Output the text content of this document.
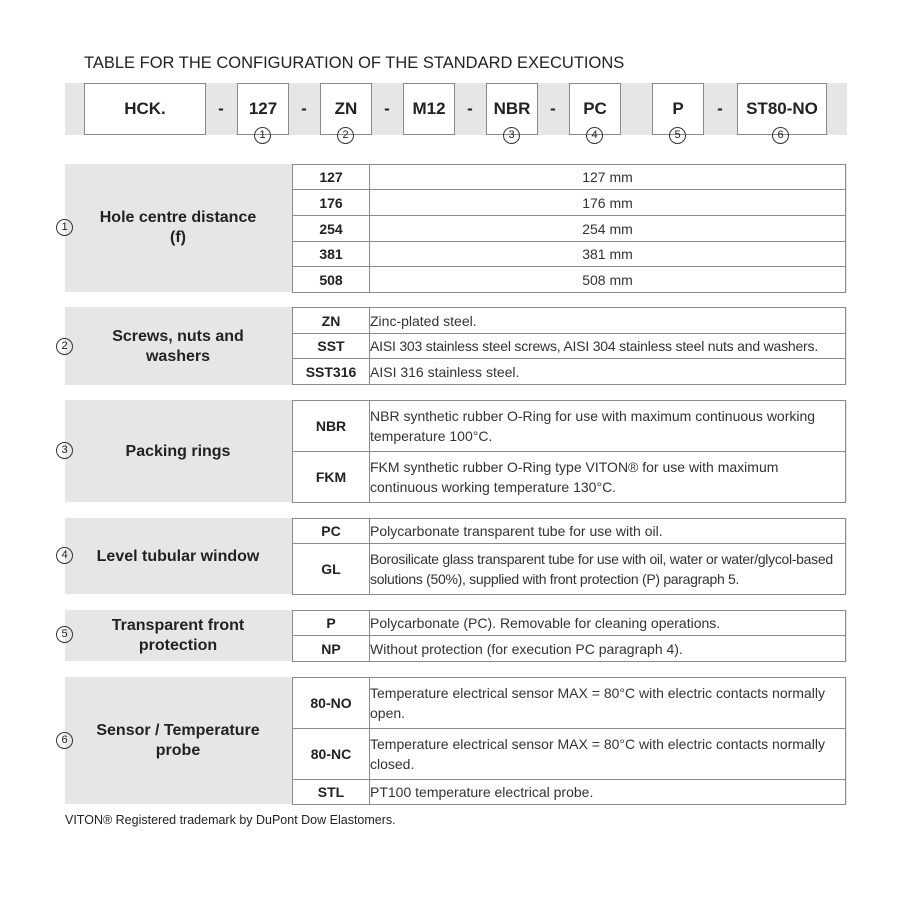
TABLE FOR THE CONFIGURATION OF THE STANDARD EXECUTIONS
HCK.	-	127	-	ZN	-	M12	-	NBR	-	PC	P	-	ST80-NO
1	2	3	4	5	6
1
Hole centre distance (f)
127	127 mm
176	176 mm
254	254 mm
381	381 mm
508	508 mm
2
Screws, nuts and washers
ZN	Zinc-plated steel.
SST	AISI 303 stainless steel screws, AISI 304 stainless steel nuts and washers.
SST316	AISI 316 stainless steel.
3	Packing rings
NBR	NBR synthetic rubber O-Ring for use with maximum continuous working temperature 100°C.
FKM	FKM synthetic rubber O-Ring type VITON® for use with maximum continuous working temperature 130°C.
4	Level tubular window
PC	Polycarbonate transparent tube for use with oil.
GL	Borosilicate glass transparent tube for use with oil, water or water/glycol-based solutions (50%), supplied with front protection (P) paragraph 5.
5	Transparent front protection
P	Polycarbonate (PC). Removable for cleaning operations.
NP	Without protection (for execution PC paragraph 4).
6
Sensor / Temperature probe
80-NO	Temperature electrical sensor MAX = 80°C with electric contacts normally open.
80-NC	Temperature electrical sensor MAX = 80°C with electric contacts normally closed.
STL	PT100 temperature electrical probe.
VITON® Registered trademark by DuPont Dow Elastomers.
